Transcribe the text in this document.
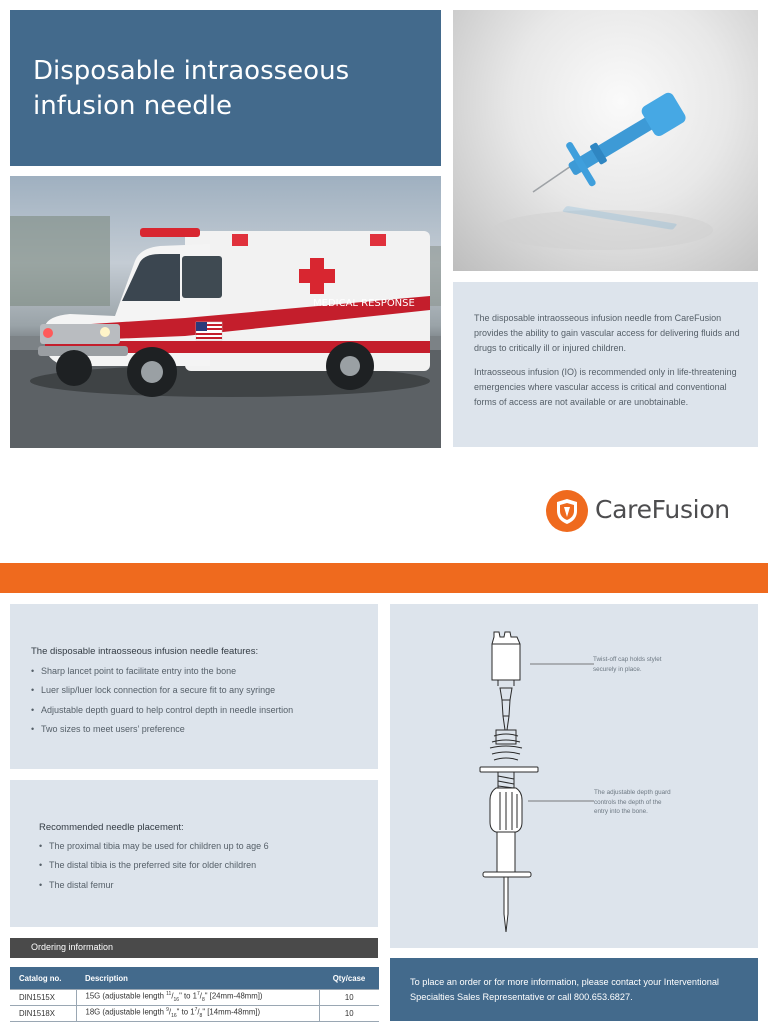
Disposable intraosseous infusion needle
MEDICAL RESPONSE

The disposable intraosseous infusion needle from CareFusion provides the ability to gain vascular access for delivering fluids and drugs to critically ill or injured children.

Intraosseous infusion (IO) is recommended only in life-threatening emergencies where vascular access is critical and conventional forms of access are not available or are unobtainable.

CareFusion
The disposable intraosseous infusion needle features:
• Sharp lancet point to facilitate entry into the bone
• Luer slip/luer lock connection for a secure fit to any syringe
• Adjustable depth guard to help control depth in needle insertion
• Two sizes to meet users’ preference
Recommended needle placement:
• The proximal tibia may be used for children up to age 6
• The distal tibia is the preferred site for older children
• The distal femur
Twist-off cap holds stylet
securely in place.
The adjustable depth guard
controls the depth of the
entry into the bone.
Ordering information
Catalog no.	Description	Qty/case
DIN1515X	15G (adjustable length $^{11}/_{16}$" to $1^7/_8$" [24mm-48mm])	10
DIN1518X	18G (adjustable length $^9/_{16}$" to $1^7/_8$" [14mm-48mm])	10

To place an order or for more information, please contact your Interventional Specialties Sales Representative or call 800.653.6827.
